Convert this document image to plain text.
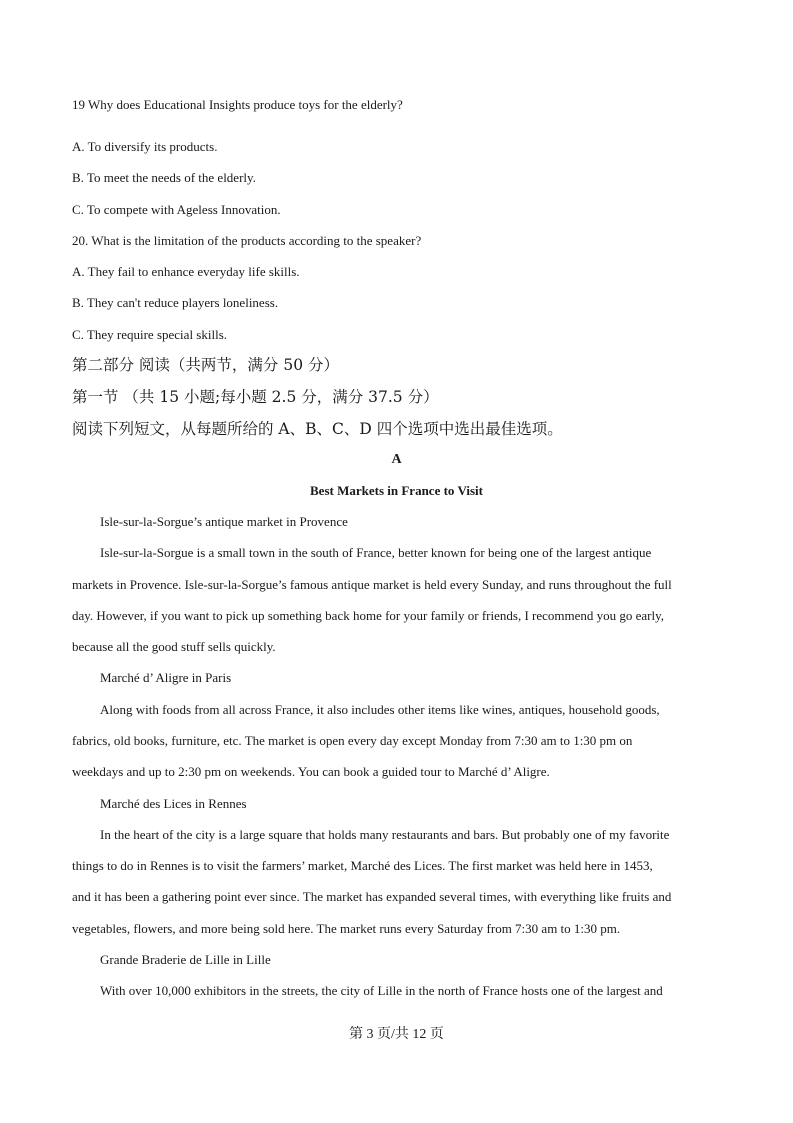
19 Why does Educational Insights produce toys for the elderly?
A. To diversify its products.
B. To meet the needs of the elderly.
C. To compete with Ageless Innovation.
20. What is the limitation of the products according to the speaker?
A. They fail to enhance everyday life skills.
B. They can't reduce players loneliness.
C. They require special skills.
第二部分 阅读（共两节，满分 50 分）
第一节 （共 15 小题;每小题 2.5 分，满分 37.5 分）
阅读下列短文，从每题所给的 A、B、C、D 四个选项中选出最佳选项。
A
Best Markets in France to Visit
Isle-sur-la-Sorgue’s antique market in Provence
Isle-sur-la-Sorgue is a small town in the south of France, better known for being one of the largest antique
markets in Provence. Isle-sur-la-Sorgue’s famous antique market is held every Sunday, and runs throughout the full
day. However, if you want to pick up something back home for your family or friends, I recommend you go early,
because all the good stuff sells quickly.
Marché d’ Aligre in Paris
Along with foods from all across France, it also includes other items like wines, antiques, household goods,
fabrics, old books, furniture, etc. The market is open every day except Monday from 7:30 am to 1:30 pm on
weekdays and up to 2:30 pm on weekends. You can book a guided tour to Marché d’ Aligre.
Marché des Lices in Rennes
In the heart of the city is a large square that holds many restaurants and bars. But probably one of my favorite
things to do in Rennes is to visit the farmers’ market, Marché des Lices. The first market was held here in 1453,
and it has been a gathering point ever since. The market has expanded several times, with everything like fruits and
vegetables, flowers, and more being sold here. The market runs every Saturday from 7:30 am to 1:30 pm.
Grande Braderie de Lille in Lille
With over 10,000 exhibitors in the streets, the city of Lille in the north of France hosts one of the largest and
第 3 页/共 12 页
